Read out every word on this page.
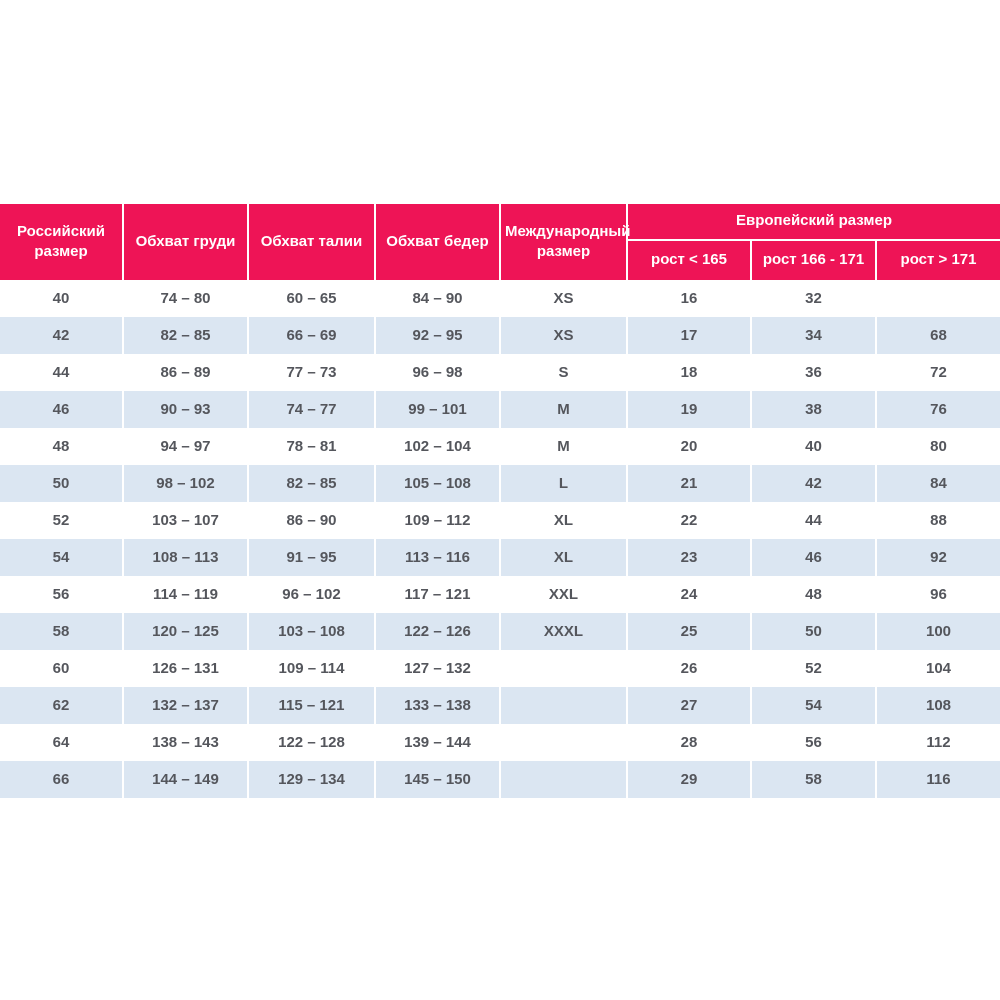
Российский размер	Обхват груди	Обхват талии	Обхват бедер	Международный размер	Европейский размер		
					рост < 165	рост 166 - 171	рост > 171
40	74 – 80	60 – 65	84 – 90	XS	16	32	
42	82 – 85	66 – 69	92 – 95	XS	17	34	68
44	86 – 89	77 – 73	96 – 98	S	18	36	72
46	90 – 93	74 – 77	99 – 101	M	19	38	76
48	94 – 97	78 – 81	102 – 104	M	20	40	80
50	98 – 102	82 – 85	105 – 108	L	21	42	84
52	103 – 107	86 – 90	109 – 112	XL	22	44	88
54	108 – 113	91 – 95	113 – 116	XL	23	46	92
56	114 – 119	96 – 102	117 – 121	XXL	24	48	96
58	120 – 125	103 – 108	122 – 126	XXXL	25	50	100
60	126 – 131	109 – 114	127 – 132		26	52	104
62	132 – 137	115 – 121	133 – 138		27	54	108
64	138 – 143	122 – 128	139 – 144		28	56	112
66	144 – 149	129 – 134	145 – 150		29	58	116
